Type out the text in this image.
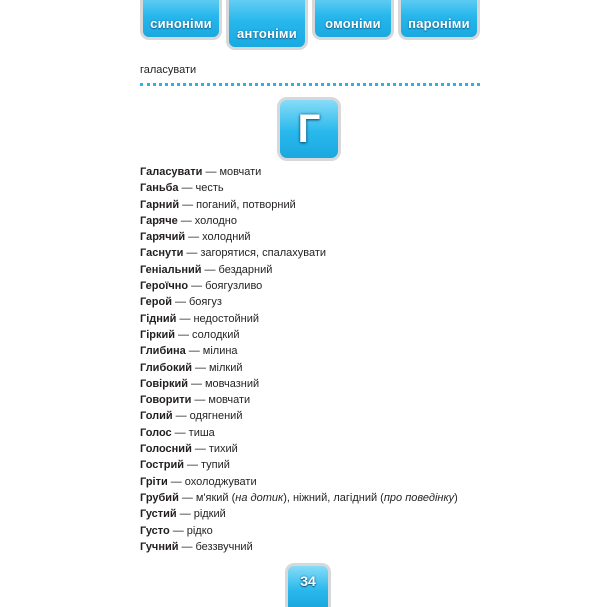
синоніми
антоніми
омоніми	пароніми
галасувати
Г
Галасувати — мовчати
Ганьба — честь
Гарний — поганий, потворний
Гаряче — холодно
Гарячий — холодний
Гаснути — загорятися, спалахувати
Геніальний — бездарний
Героїчно — боягузливо
Герой — боягуз
Гідний — недостойний
Гіркий — солодкий
Глибина — мілина
Глибокий — мілкий
Говіркий — мовчазний
Говорити — мовчати
Голий — одягнений
Голос — тиша
Голосний — тихий
Гострий — тупий
Гріти — охолоджувати
Грубий — м'який (на дотик), ніжний, лагідний (про поведінку)
Густий — рідкий
Густо — рідко
Гучний — беззвучний
34
